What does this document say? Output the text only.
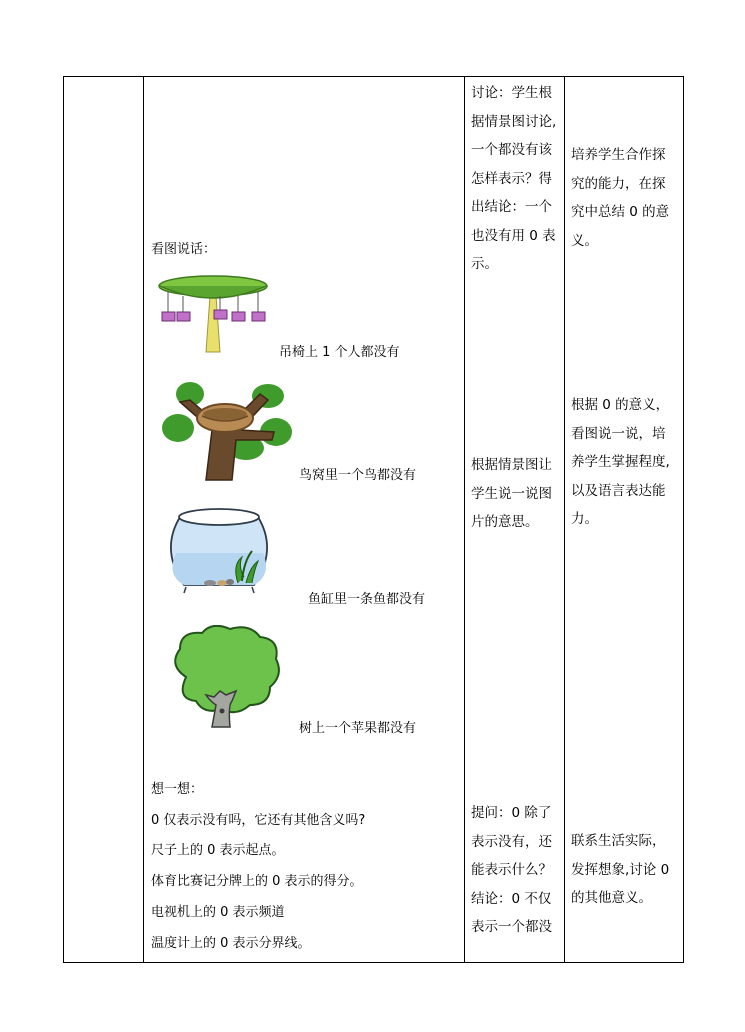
看图说话：
吊椅上 1 个人都没有
鸟窝里一个鸟都没有
鱼缸里一条鱼都没有
树上一个苹果都没有
想一想：
0 仅表示没有吗，它还有其他含义吗?
尺子上的 0 表示起点。
体育比赛记分牌上的 0 表示的得分。
电视机上的 0 表示频道
温度计上的 0 表示分界线。

讨论：学生根
据情景图讨论,
一个都没有该
怎样表示？得
出结论：一个
也没有用 0 表
示。
根据情景图让
学生说一说图
片的意思。
提问：0 除了
表示没有，还
能表示什么？
结论：0 不仅
表示一个都没

培养学生合作探
究的能力，在探
究中总结 0 的意
义。
根据 0 的意义，
看图说一说，培
养学生掌握程度,
以及语言表达能
力。
联系生活实际，
发挥想象,讨论 0
的其他意义。
